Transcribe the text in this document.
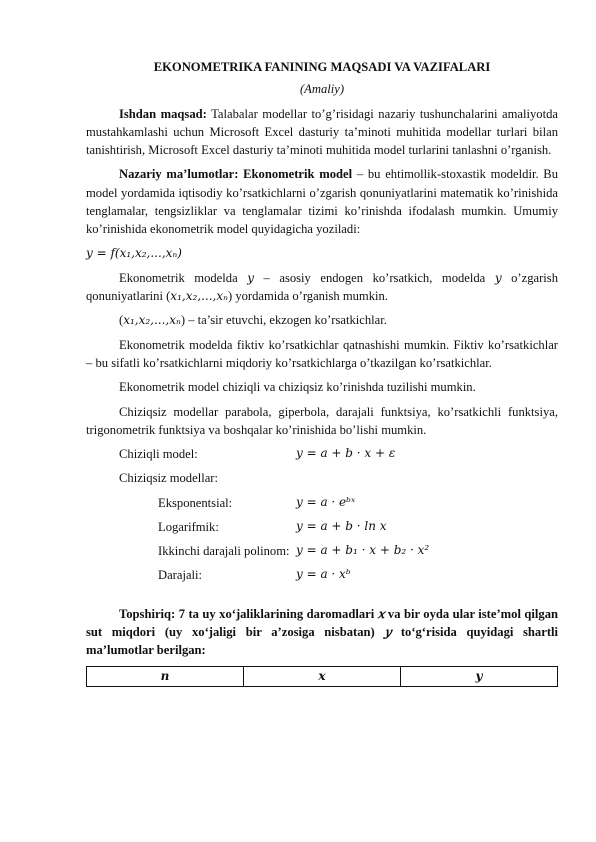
EKONOMETRIKA FANINING MAQSADI VA VAZIFALARI
(Amaliy)

Ishdan maqsad: Talabalar modellar to’g’risidagi nazariy tushunchalarini amaliyotda mustahkamlashi uchun Microsoft Excel dasturiy ta’minoti muhitida modellar turlari bilan tanishtirish, Microsoft Excel dasturiy ta’minoti muhitida model turlarini tanlashni o’rganish.

Nazariy ma’lumotlar: Ekonometrik model – bu ehtimollik-stoxastik modeldir. Bu model yordamida iqtisodiy ko’rsatkichlarni o’zgarish qonuniyatlarini matematik ko’rinishida tenglamalar, tengsizliklar va tenglamalar tizimi ko’rinishda ifodalash mumkin. Umumiy ko’rinishida ekonometrik model quyidagicha yoziladi:

𝑦 = 𝑓(𝑥₁,𝑥₂,...,𝑥ₙ)

Ekonometrik modelda 𝑦 – asosiy endogen ko’rsatkich, modelda 𝑦 o’zgarish qonuniyatlarini (𝑥₁,𝑥₂,...,𝑥ₙ) yordamida o’rganish mumkin.

(𝑥₁,𝑥₂,...,𝑥ₙ) – ta’sir etuvchi, ekzogen ko’rsatkichlar.

Ekonometrik modelda fiktiv ko’rsatkichlar qatnashishi mumkin. Fiktiv ko’rsatkichlar – bu sifatli ko’rsatkichlarni miqdoriy ko’rsatkichlarga o’tkazilgan ko’rsatkichlar.

Ekonometrik model chiziqli va chiziqsiz ko’rinishda tuzilishi mumkin.

Chiziqsiz modellar parabola, giperbola, darajali funktsiya, ko’rsatkichli funktsiya, trigonometrik funktsiya va boshqalar ko’rinishida bo’lishi mumkin.

Chiziqli model:	𝑦 = 𝑎 + 𝑏 · 𝑥 + 𝜀
Chiziqsiz modellar:
Eksponentsial:	𝑦 = 𝑎 · 𝑒ᵇˣ
Logarifmik:	𝑦 = 𝑎 + 𝑏 · ln 𝑥
Ikkinchi darajali polinom: 𝑦 = 𝑎 + 𝑏₁ · 𝑥 + 𝑏₂ · 𝑥²
Darajali:	𝑦 = 𝑎 · 𝑥ᵇ

Topshiriq: 7 ta uy xo‘jaliklarining daromadlari 𝑥 va bir oyda ular iste’mol qilgan sut miqdori (uy xo‘jaligi bir a’zosiga nisbatan) 𝑦 to‘g‘risida quyidagi shartli ma’lumotlar berilgan:

𝒏	𝒙	𝒚
